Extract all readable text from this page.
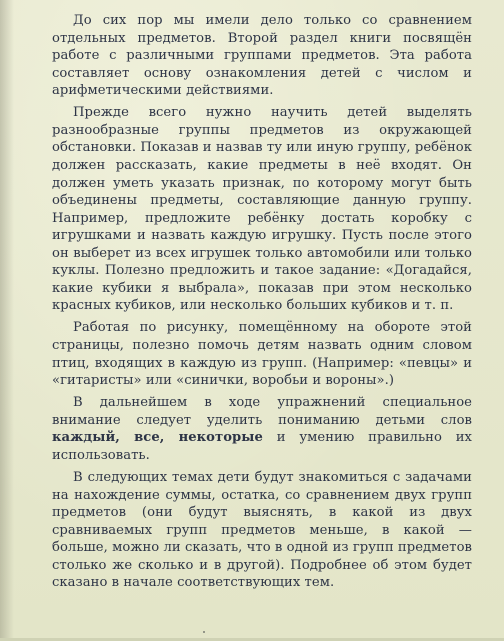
До сих пор мы имели дело только со сравнением отдельных предметов. Второй раздел книги посвящён работе с различными группами предметов. Эта работа составляет основу ознакомления детей с числом и арифметическими действиями.

Прежде всего нужно научить детей выделять разнообразные группы предметов из окружающей обстановки. Показав и назвав ту или иную группу, ребёнок должен рассказать, какие предметы в неё входят. Он должен уметь указать признак, по которому могут быть объединены предметы, составляющие данную группу. Например, предложите ребёнку достать коробку с игрушками и назвать каждую игрушку. Пусть после этого он выберет из всех игрушек только автомобили или только куклы. Полезно предложить и такое задание: «Догадайся, какие кубики я выбрала», показав при этом несколько красных кубиков, или несколько больших кубиков и т. п.

Работая по рисунку, помещённому на обороте этой страницы, полезно помочь детям назвать одним словом птиц, входящих в каждую из групп. (Например: «певцы» и «гитаристы» или «синички, воробьи и вороны».)

В дальнейшем в ходе упражнений специальное внимание следует уделить пониманию детьми слов каждый, все, некоторые и умению правильно их использовать.

В следующих темах дети будут знакомиться с задачами на нахождение суммы, остатка, со сравнением двух групп предметов (они будут выяснять, в какой из двух сравниваемых групп предметов меньше, в какой — больше, можно ли сказать, что в одной из групп предметов столько же сколько и в другой). Подробнее об этом будет сказано в начале соответствующих тем.
